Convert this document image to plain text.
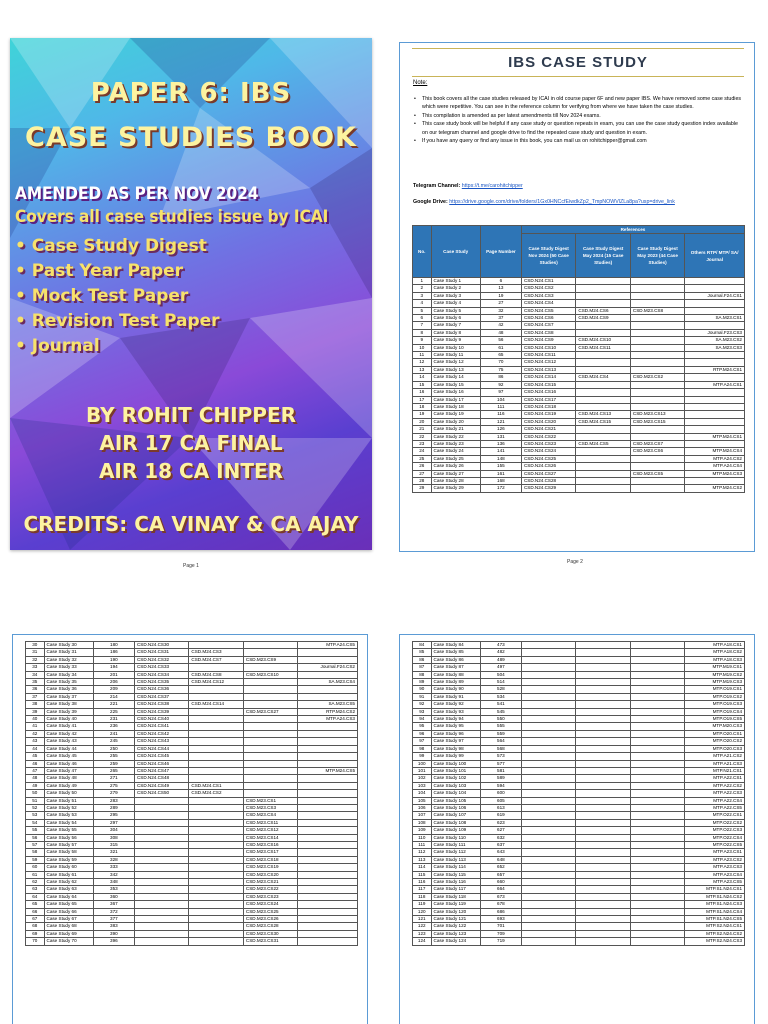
PAPER 6: IBS
CASE STUDIES BOOK
AMENDED AS PER NOV 2024
Covers all case studies issue by ICAI
• Case Study Digest
• Past Year Paper
• Mock Test Paper
• Revision Test Paper
• Journal
BY ROHIT CHIPPER
AIR 17 CA FINAL
AIR 18 CA INTER
CREDITS: CA VINAY & CA AJAY
Page 1
IBS CASE STUDY
Note:
• This book covers all the case studies released by ICAI in old course paper 6F and new paper IBS. We have removed some case studies which were repetitive. You can see in the reference column for verifying from where we have taken the case studies.
• This compilation is amended as per latest amendments till Nov 2024 exams.
• This case study book will be helpful if any case study or question repeats in exam, you can use the case study question index available on our telegram channel and google drive to find the repeated case study and question in exam.
• If you have any query or find any issue in this book, you can mail us on rohitchipper@gmail.com
Telegram Channel: https://t.me/carohitchipper
Google Drive: https://drive.google.com/drive/folders/1Gx0HNCcfEiwdkZp2_TmpNOWVlZLa8pa?usp=drive_link
No.	Case Study	Page Number	References			
			Case Study Digest Nov 2024 (50 Case Studies)	Case Study Digest May 2024 (15 Case Studies)	Case Study Digest May 2023 (44 Case Studies)	Others RTP/ MTP/ SA/ Journal
1	Case Study 1	6	CSD.N24.CS1			
2	Case Study 2	13	CSD.N24.CS2			
3	Case Study 3	19	CSD.N24.CS3			Journal.F24.CS1
4	Case Study 4	27	CSD.N24.CS4			
5	Case Study 5	32	CSD.N24.CS5	CSD.M24.CS6	CSD.M23.CS8	
6	Case Study 6	37	CSD.N24.CS6	CSD.M24.CS9		SA.M23.CS1
7	Case Study 7	42	CSD.N24.CS7			
8	Case Study 8	48	CSD.N24.CS8			Journal.F23.CS3
9	Case Study 9	56	CSD.N24.CS9	CSD.M24.CS10		SA.M23.CS2
10	Case Study 10	61	CSD.N24.CS10	CSD.M24.CS11		SA.M23.CS3
11	Case Study 11	65	CSD.N24.CS11			
12	Case Study 12	70	CSD.N24.CS12			
13	Case Study 13	75	CSD.N24.CS13			RTP.M24.CS1
14	Case Study 14	86	CSD.N24.CS14	CSD.M24.CS4	CSD.M23.CS2	
15	Case Study 15	92	CSD.N24.CS15			MTP.A24.CS1
16	Case Study 16	97	CSD.N24.CS16			
17	Case Study 17	104	CSD.N24.CS17			
18	Case Study 18	111	CSD.N24.CS18			
19	Case Study 19	116	CSD.N24.CS19	CSD.M24.CS13	CSD.M23.CS13	
20	Case Study 20	121	CSD.N24.CS20	CSD.M24.CS15	CSD.M23.CS15	
21	Case Study 21	126	CSD.N24.CS21			
22	Case Study 22	131	CSD.N24.CS22			MTP.M24.CS1
23	Case Study 23	136	CSD.N24.CS23	CSD.M24.CS5	CSD.M23.CS7	
24	Case Study 24	141	CSD.N24.CS24		CSD.M23.CS6	MTP.M24.CS4
25	Case Study 25	148	CSD.N24.CS25			MTP.A24.CS2
26	Case Study 26	155	CSD.N24.CS26			MTP.A24.CS4
27	Case Study 27	161	CSD.N24.CS27		CSD.M23.CS5	MTP.M24.CS3
28	Case Study 28	168	CSD.N24.CS28			
29	Case Study 29	172	CSD.N24.CS29			MTP.M24.CS2
Page 2
30	Case Study 30	180	CSD.N24.CS30			MTP.A24.CS5
31	Case Study 31	186	CSD.N24.CS31	CSD.M24.CS3		
32	Case Study 32	190	CSD.N24.CS32	CSD.M24.CS7	CSD.M23.CS9	
33	Case Study 33	194	CSD.N24.CS33			Journal.F24.CS2
34	Case Study 34	201	CSD.N24.CS34	CSD.M24.CS8	CSD.M23.CS10	
35	Case Study 35	206	CSD.N24.CS35	CSD.M24.CS12		SA.M23.CS4
36	Case Study 36	209	CSD.N24.CS36			
37	Case Study 37	214	CSD.N24.CS37			
38	Case Study 38	221	CSD.N24.CS38	CSD.M24.CS14		SA.M23.CS5
39	Case Study 39	225	CSD.N24.CS39		CSD.M23.CS27	RTP.M24.CS2
40	Case Study 40	231	CSD.N24.CS40			MTP.A24.CS3
41	Case Study 41	236	CSD.N24.CS41			
42	Case Study 42	241	CSD.N24.CS42			
43	Case Study 43	245	CSD.N24.CS43			
44	Case Study 44	250	CSD.N24.CS44			
45	Case Study 45	255	CSD.N24.CS45			
46	Case Study 46	259	CSD.N24.CS46			
47	Case Study 47	265	CSD.N24.CS47			MTP.M24.CS5
48	Case Study 48	271	CSD.N24.CS48			
49	Case Study 49	275	CSD.N24.CS49	CSD.M24.CS1		
50	Case Study 50	279	CSD.N24.CS50	CSD.M24.CS2		
51	Case Study 51	283			CSD.M23.CS1	
52	Case Study 52	289			CSD.M23.CS3	
53	Case Study 53	295			CSD.M23.CS4	
54	Case Study 54	297			CSD.M23.CS11	
55	Case Study 55	304			CSD.M23.CS12	
56	Case Study 56	308			CSD.M23.CS14	
57	Case Study 57	315			CSD.M23.CS16	
58	Case Study 58	321			CSD.M23.CS17	
59	Case Study 59	328			CSD.M23.CS18	
60	Case Study 60	333			CSD.M23.CS19	
61	Case Study 61	342			CSD.M23.CS20	
62	Case Study 62	348			CSD.M23.CS21	
63	Case Study 63	353			CSD.M23.CS22	
64	Case Study 64	360			CSD.M23.CS23	
65	Case Study 65	367			CSD.M23.CS24	
66	Case Study 66	372			CSD.M23.CS25	
67	Case Study 67	377			CSD.M23.CS26	
68	Case Study 68	383			CSD.M23.CS28	
69	Case Study 69	390			CSD.M23.CS30	
70	Case Study 70	396			CSD.M23.CS31	
84	Case Study 84	473				MTP.A18.CS1
85	Case Study 85	482				MTP.A18.CS2
86	Case Study 86	489				MTP.A18.CS3
87	Case Study 87	497				MTP.M19.CS1
88	Case Study 88	504				MTP.M19.CS2
89	Case Study 89	514				MTP.M19.CS3
90	Case Study 90	528				MTP.O19.CS1
91	Case Study 91	534				MTP.O19.CS2
92	Case Study 92	541				MTP.O19.CS3
93	Case Study 93	545				MTP.O19.CS4
94	Case Study 94	550				MTP.O19.CS5
95	Case Study 95	555				MTP.M20.CS3
96	Case Study 96	559				MTP.O20.CS1
97	Case Study 97	564				MTP.O20.CS2
98	Case Study 98	568				MTP.O20.CS3
99	Case Study 99	573				MTP.A21.CS2
100	Case Study 100	577				MTP.A21.CS3
101	Case Study 101	581				MTP.N21.CS1
102	Case Study 102	589				MTP.A22.CS1
103	Case Study 103	594				MTP.A22.CS2
104	Case Study 104	600				MTP.A22.CS3
105	Case Study 105	605				MTP.A22.CS4
106	Case Study 106	613				MTP.A22.CS5
107	Case Study 107	619				MTP.O22.CS1
108	Case Study 108	623				MTP.O22.CS2
109	Case Study 109	627				MTP.O22.CS3
110	Case Study 110	632				MTP.O22.CS4
111	Case Study 111	637				MTP.O22.CS5
112	Case Study 112	643				MTP.A23.CS1
113	Case Study 113	648				MTP.A23.CS2
114	Case Study 114	652				MTP.A23.CS3
115	Case Study 115	657				MTP.A23.CS4
116	Case Study 116	660				MTP.A23.CS5
117	Case Study 117	664				MTP.S1.N24.CS1
118	Case Study 118	673				MTP.S1.N24.CS2
119	Case Study 119	678				MTP.S1.N24.CS3
120	Case Study 120	686				MTP.S1.N24.CS4
121	Case Study 121	693				MTP.S1.N24.CS5
122	Case Study 122	701				MTP.S2.N24.CS1
123	Case Study 123	709				MTP.S2.N24.CS2
124	Case Study 124	719				MTP.S2.N24.CS3
